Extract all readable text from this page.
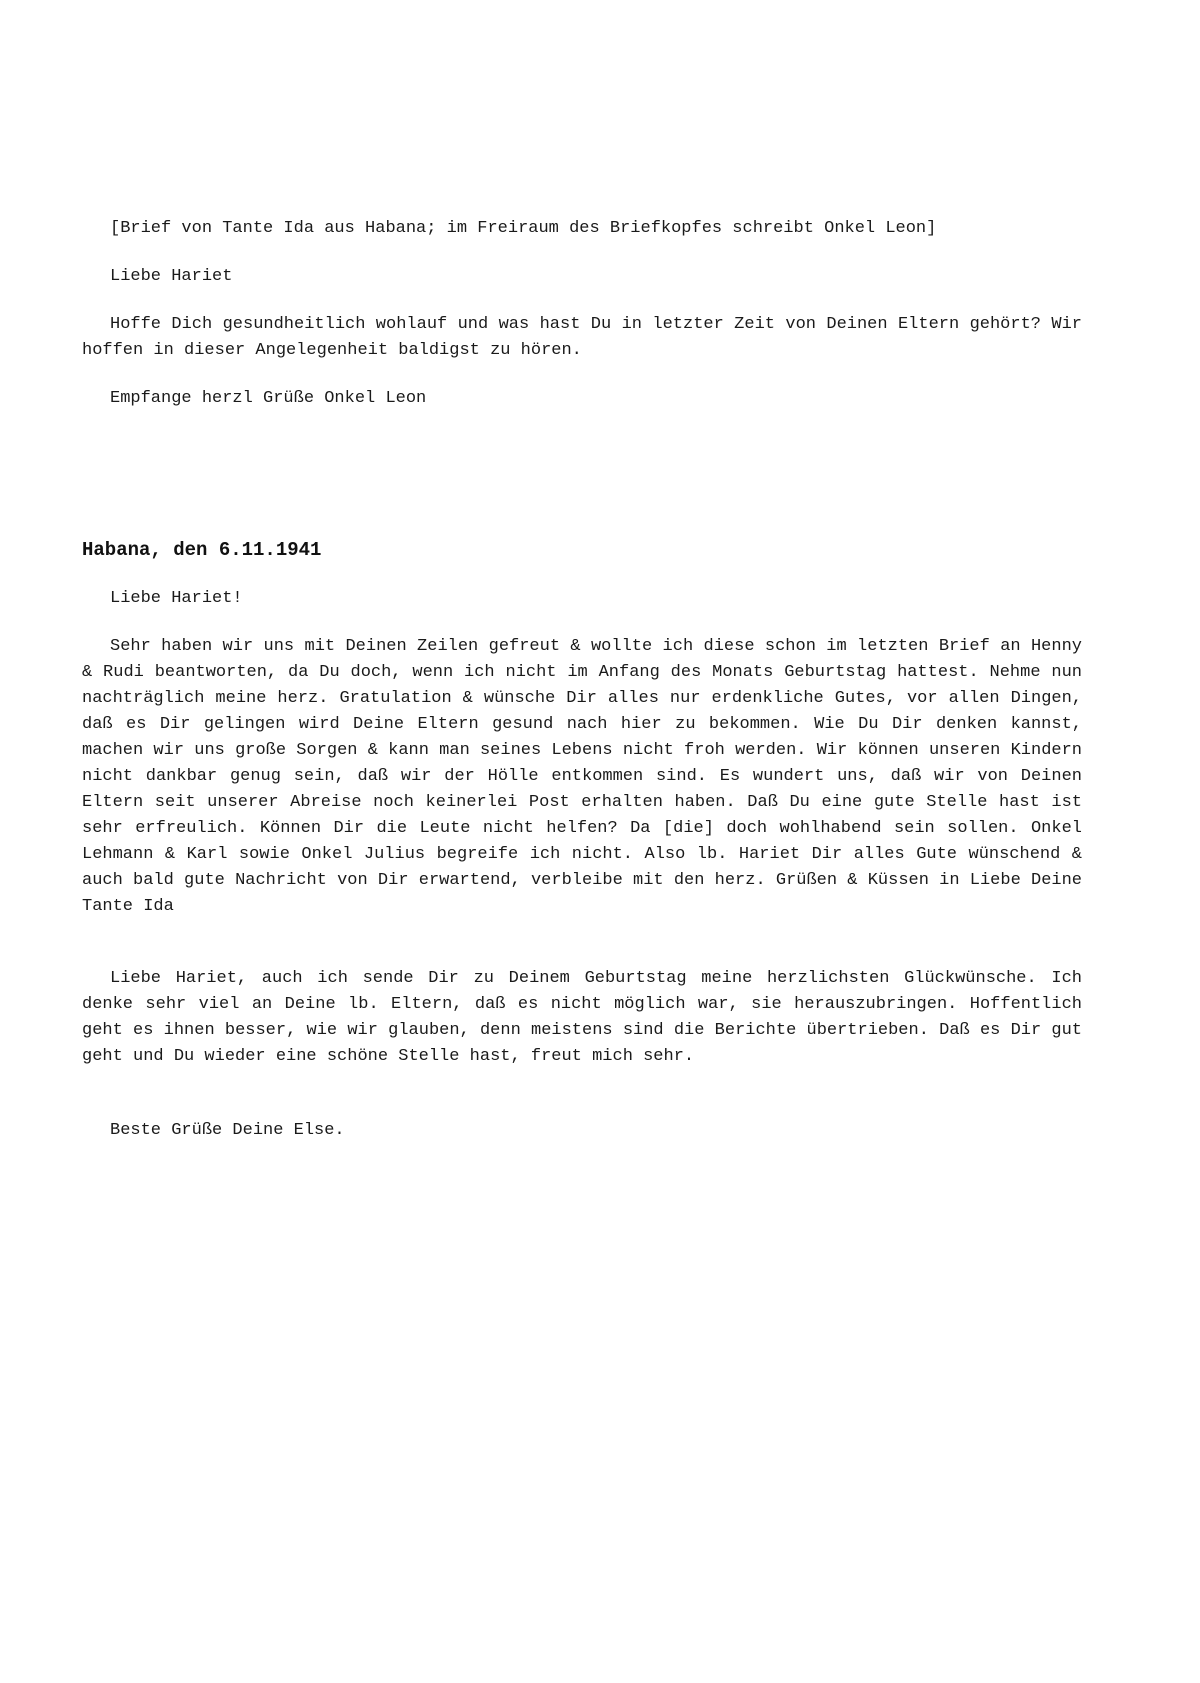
[Brief von Tante Ida aus Habana; im Freiraum des Briefkopfes schreibt Onkel Leon]

Liebe Hariet

Hoffe Dich gesundheitlich wohlauf und was hast Du in letzter Zeit von Deinen Eltern gehört? Wir hoffen in dieser Angelegenheit baldigst zu hören.

Empfange herzl Grüße Onkel Leon

Habana, den 6.11.1941

Liebe Hariet!

Sehr haben wir uns mit Deinen Zeilen gefreut & wollte ich diese schon im letzten Brief an Henny & Rudi beantworten, da Du doch, wenn ich nicht im Anfang des Monats Geburtstag hattest. Nehme nun nachträglich meine herz. Gratulation & wünsche Dir alles nur erdenkliche Gutes, vor allen Dingen, daß es Dir gelingen wird Deine Eltern gesund nach hier zu bekommen. Wie Du Dir denken kannst, machen wir uns große Sorgen & kann man seines Lebens nicht froh werden. Wir können unseren Kindern nicht dankbar genug sein, daß wir der Hölle entkommen sind. Es wundert uns, daß wir von Deinen Eltern seit unserer Abreise noch keinerlei Post erhalten haben. Daß Du eine gute Stelle hast ist sehr erfreulich. Können Dir die Leute nicht helfen? Da [die] doch wohlhabend sein sollen. Onkel Lehmann & Karl sowie Onkel Julius begreife ich nicht. Also lb. Hariet Dir alles Gute wünschend & auch bald gute Nachricht von Dir erwartend, verbleibe mit den herz. Grüßen & Küssen in Liebe Deine Tante Ida

Liebe Hariet, auch ich sende Dir zu Deinem Geburtstag meine herzlichsten Glückwünsche. Ich denke sehr viel an Deine lb. Eltern, daß es nicht möglich war, sie herauszubringen. Hoffentlich geht es ihnen besser, wie wir glauben, denn meistens sind die Berichte übertrieben. Daß es Dir gut geht und Du wieder eine schöne Stelle hast, freut mich sehr.

Beste Grüße Deine Else.
